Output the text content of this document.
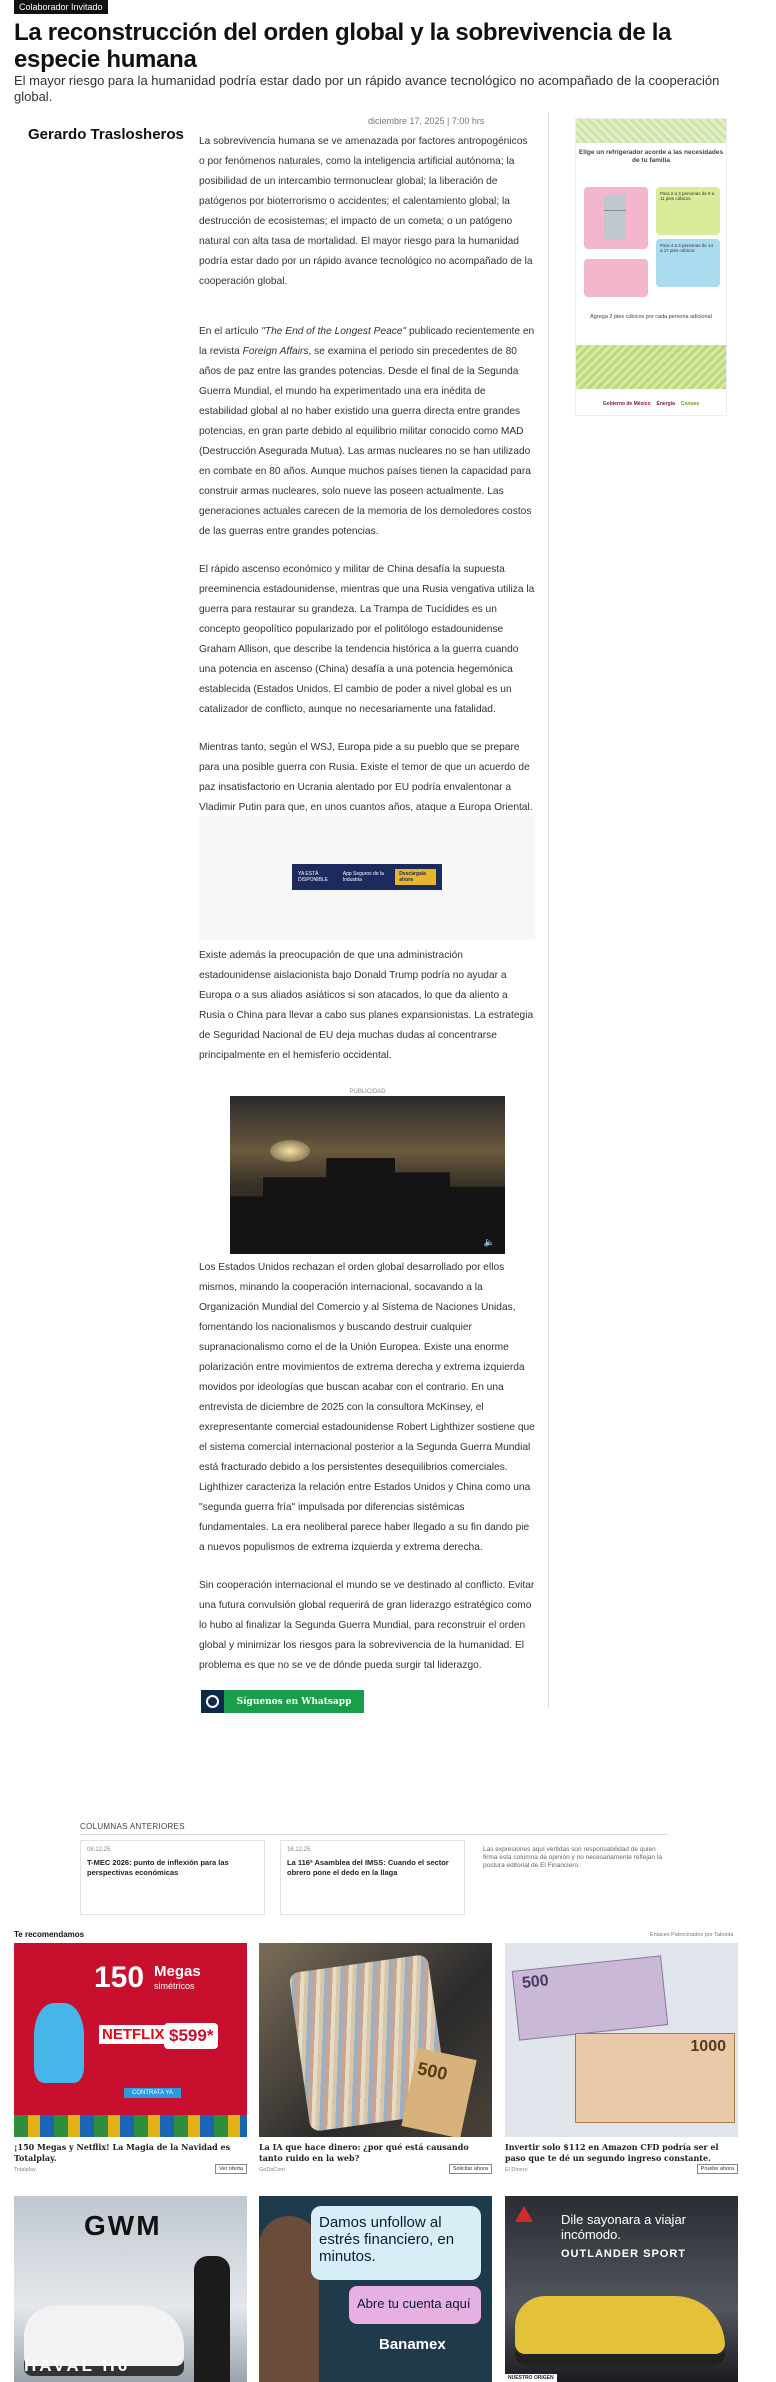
Colaborador Invitado
La reconstrucción del orden global y la sobrevivencia de la especie humana

El mayor riesgo para la humanidad podría estar dado por un rápido avance tecnológico no acompañado de la cooperación global.

Gerardo Traslosheros
diciembre 17, 2025 | 7:00 hrs

La sobrevivencia humana se ve amenazada por factores antropogénicos o por fenómenos naturales, como la inteligencia artificial autónoma; la posibilidad de un intercambio termonuclear global; la liberación de patógenos por bioterrorismo o accidentes; el calentamiento global; la destrucción de ecosistemas; el impacto de un cometa; o un patógeno natural con alta tasa de mortalidad. El mayor riesgo para la humanidad podría estar dado por un rápido avance tecnológico no acompañado de la cooperación global.

En el artículo "The End of the Longest Peace" publicado recientemente en la revista Foreign Affairs, se examina el periodo sin precedentes de 80 años de paz entre las grandes potencias. Desde el final de la Segunda Guerra Mundial, el mundo ha experimentado una era inédita de estabilidad global al no haber existido una guerra directa entre grandes potencias, en gran parte debido al equilibrio militar conocido como MAD (Destrucción Asegurada Mutua). Las armas nucleares no se han utilizado en combate en 80 años. Aunque muchos países tienen la capacidad para construir armas nucleares, solo nueve las poseen actualmente. Las generaciones actuales carecen de la memoria de los demoledores costos de las guerras entre grandes potencias.

El rápido ascenso económico y militar de China desafía la supuesta preeminencia estadounidense, mientras que una Rusia vengativa utiliza la guerra para restaurar su grandeza. La Trampa de Tucídides es un concepto geopolítico popularizado por el politólogo estadounidense Graham Allison, que describe la tendencia histórica a la guerra cuando una potencia en ascenso (China) desafía a una potencia hegemónica establecida (Estados Unidos. El cambio de poder a nivel global es un catalizador de conflicto, aunque no necesariamente una fatalidad.

Mientras tanto, según el WSJ, Europa pide a su pueblo que se prepare para una posible guerra con Rusia. Existe el temor de que un acuerdo de paz insatisfactorio en Ucrania alentado por EU podría envalentonar a Vladimir Putin para que, en unos cuantos años, ataque a Europa Oriental.

YA ESTÁ DISPONIBLE
App Seguros de la Industria
Descárgala ahora

Existe además la preocupación de que una administración estadounidense aislacionista bajo Donald Trump podría no ayudar a Europa o a sus aliados asiáticos si son atacados, lo que da aliento a Rusia o China para llevar a cabo sus planes expansionistas. La estrategia de Seguridad Nacional de EU deja muchas dudas al concentrarse principalmente en el hemisferio occidental.

PUBLICIDAD
🔈

Los Estados Unidos rechazan el orden global desarrollado por ellos mismos, minando la cooperación internacional, socavando a la Organización Mundial del Comercio y al Sistema de Naciones Unidas, fomentando los nacionalismos y buscando destruir cualquier supranacionalismo como el de la Unión Europea. Existe una enorme polarización entre movimientos de extrema derecha y extrema izquierda movidos por ideologías que buscan acabar con el contrario. En una entrevista de diciembre de 2025 con la consultora McKinsey, el exrepresentante comercial estadounidense Robert Lighthizer sostiene que el sistema comercial internacional posterior a la Segunda Guerra Mundial está fracturado debido a los persistentes desequilibrios comerciales. Lighthizer caracteriza la relación entre Estados Unidos y China como una "segunda guerra fría" impulsada por diferencias sistémicas fundamentales. La era neoliberal parece haber llegado a su fin dando pie a nuevos populismos de extrema izquierda y extrema derecha.

Sin cooperación internacional el mundo se ve destinado al conflicto. Evitar una futura convulsión global requerirá de gran liderazgo estratégico como lo hubo al finalizar la Segunda Guerra Mundial, para reconstruir el orden global y minimizar los riesgos para la sobrevivencia de la humanidad. El problema es que no se ve de dónde pueda surgir tal liderazgo.

Síguenos en Whatsapp
Elige un refrigerador acorde a las necesidades de tu familia
Para 2 a 3 personas de 9 a 11 pies cúbicos
Para 4 a 5 personas de 14 a 17 pies cúbicos
Agrega 2 pies cúbicos por cada persona adicional
Gobierno de México Energía Conuee
COLUMNAS ANTERIORES
08.12.25
T-MEC 2026: punto de inflexión para las perspectivas económicas
16.12.25
La 116ª Asamblea del IMSS: Cuando el sector obrero pone el dedo en la llaga
Las expresiones aquí vertidas son responsabilidad de quien firma esta columna de opinión y no necesariamente reflejan la postura editorial de El Financiero.
Te recomendamos	Enlaces Patrocinados por Taboola
150 Megas
simétricos
NETFLIX $599*
CONTRATA YA
¡150 Megas y Netflix! La Magia de la Navidad es Totalplay.
Totalplay	Ver oferta
500
La IA que hace dinero: ¿por qué está causando tanto ruido en la web?
GoDaCom	Solicitar ahora
500
1000
Invertir solo $112 en Amazon CFD podría ser el paso que te dé un segundo ingreso constante.
El Dinero	Pruebe ahora
GWM
HAVAL H6
Damos unfollow al estrés financiero, en minutos.
Abre tu cuenta aquí
Banamex
Dile sayonara a viajar incómodo.
OUTLANDER SPORT
NUESTRO ORIGEN
